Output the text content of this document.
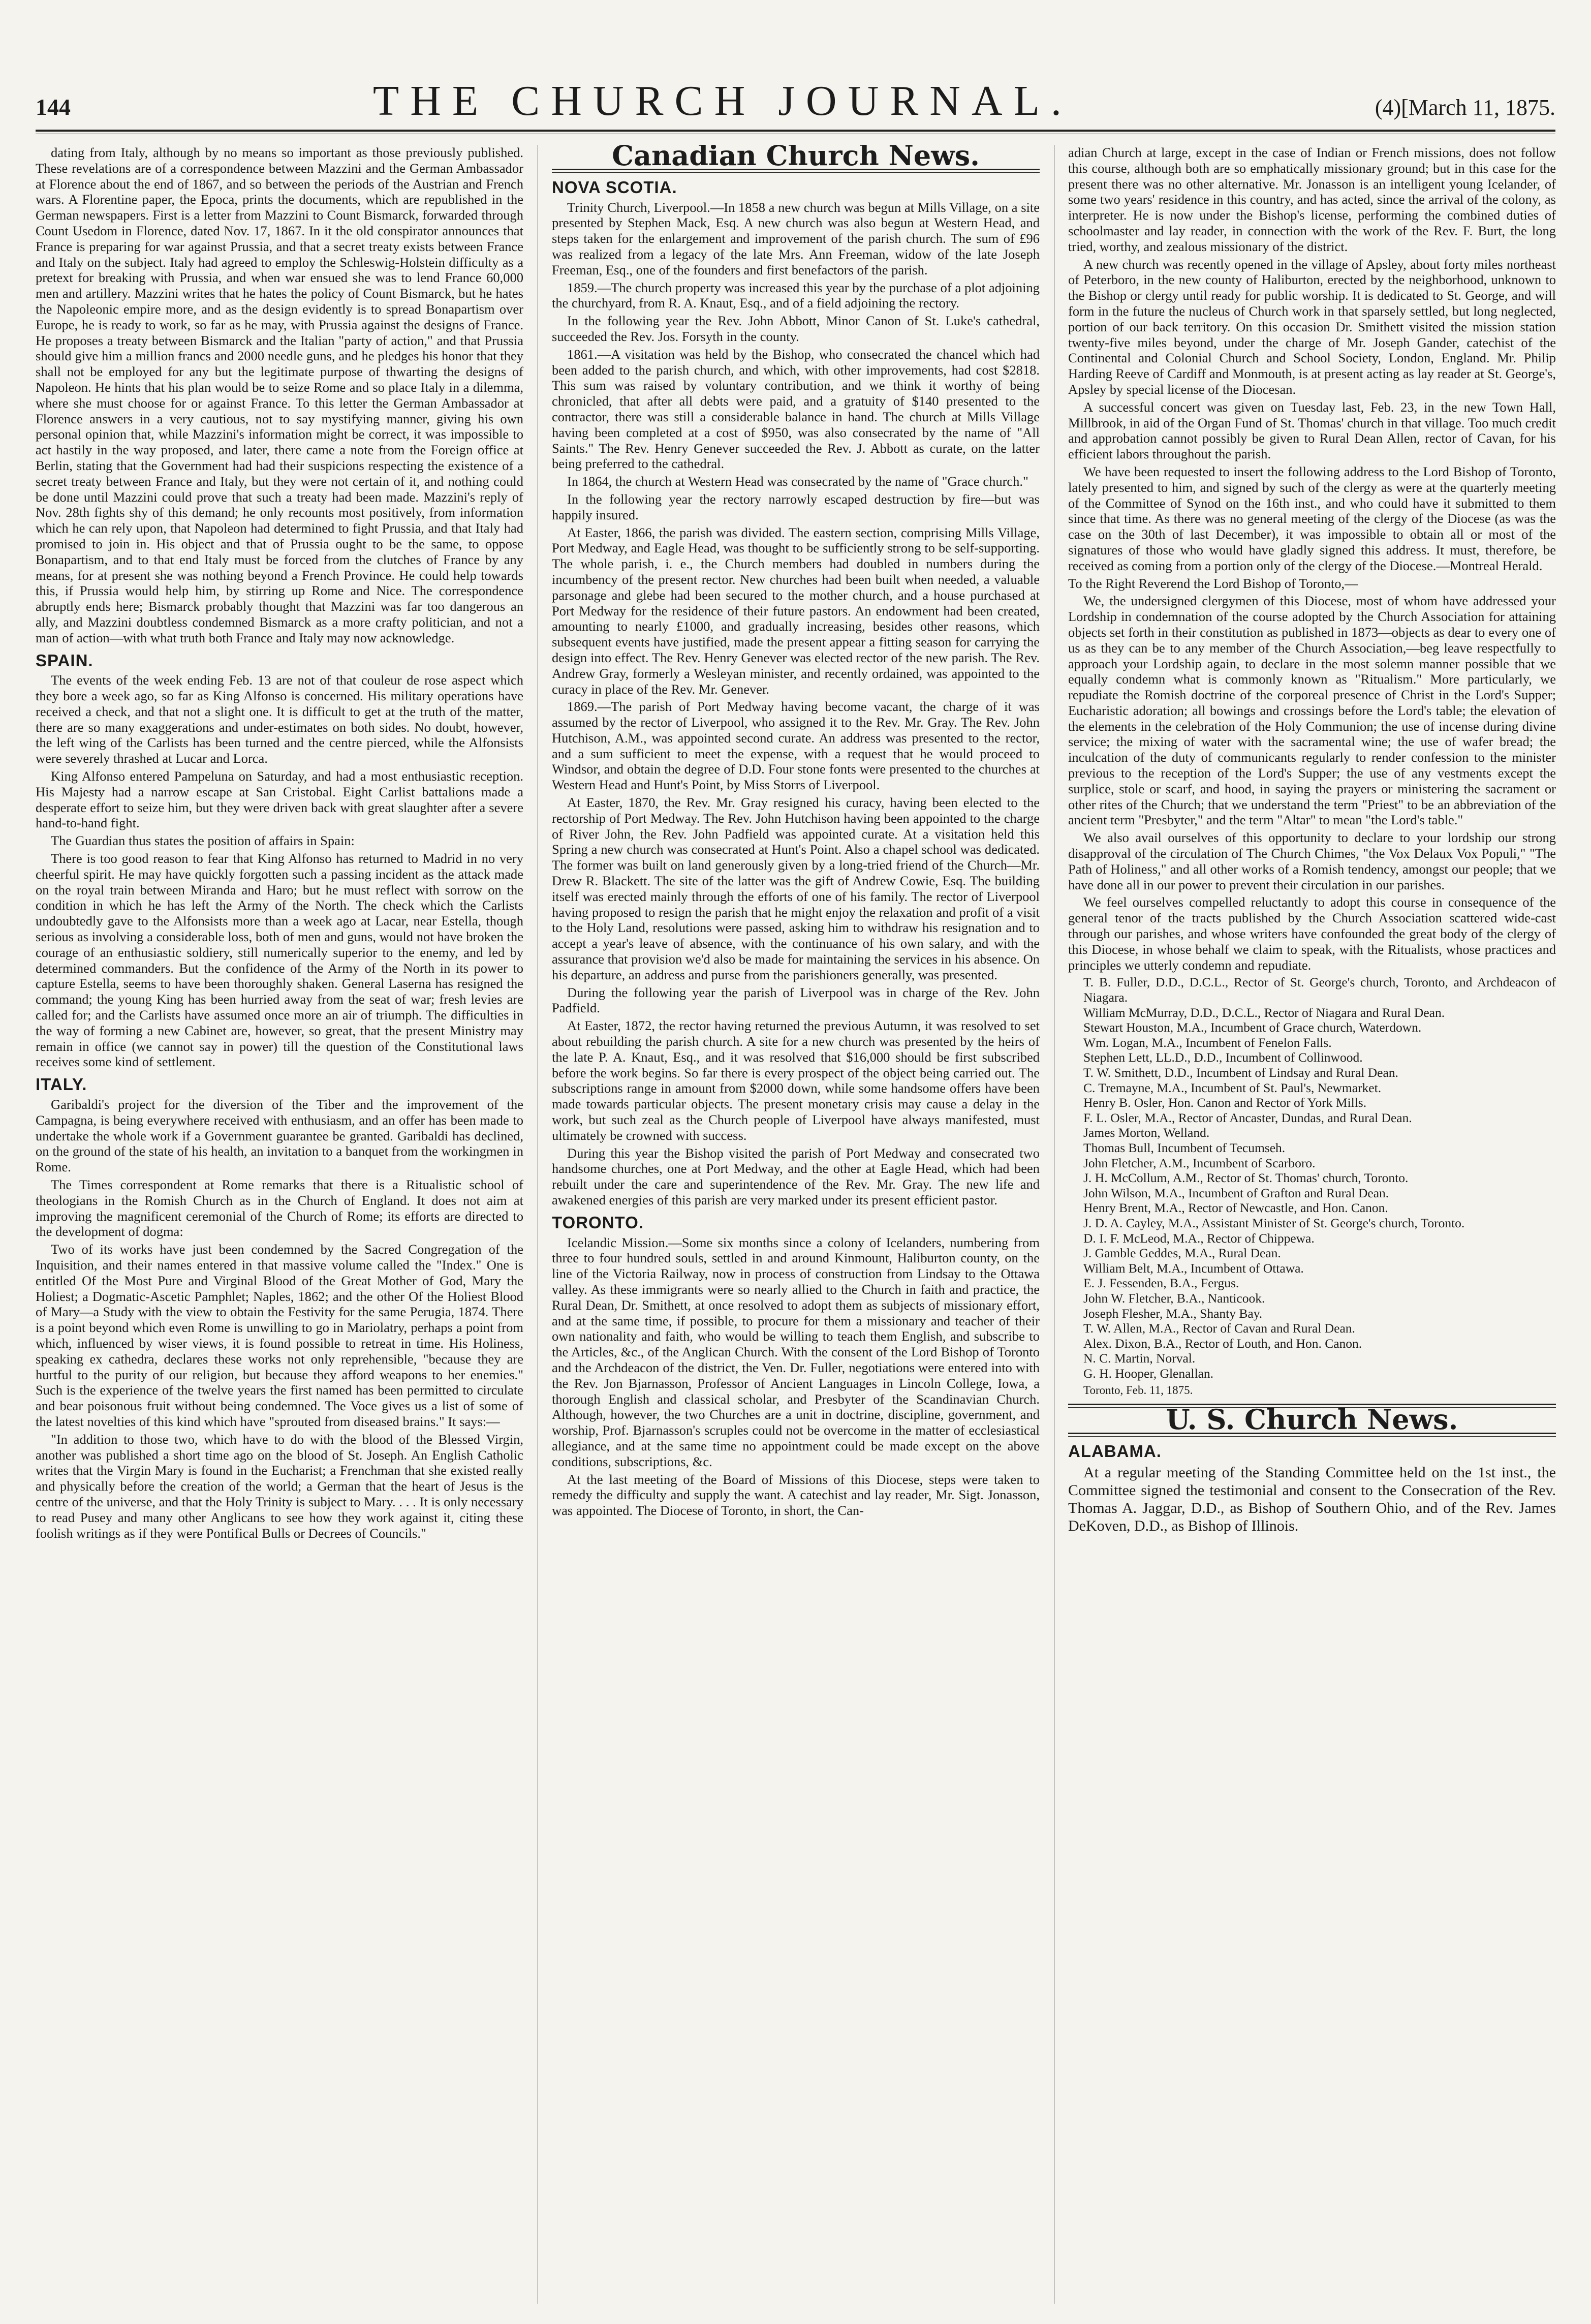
144	THE CHURCH JOURNAL.	(4)[March 11, 1875.

dating from Italy, although by no means so important as those previously published. These revelations are of a correspondence between Mazzini and the German Ambassador at Florence about the end of 1867, and so between the periods of the Austrian and French wars. A Florentine paper, the Epoca, prints the documents, which are republished in the German newspapers. First is a letter from Mazzini to Count Bismarck, forwarded through Count Usedom in Florence, dated Nov. 17, 1867. In it the old conspirator announces that France is preparing for war against Prussia, and that a secret treaty exists between France and Italy on the subject. Italy had agreed to employ the Schleswig-Holstein difficulty as a pretext for breaking with Prussia, and when war ensued she was to lend France 60,000 men and artillery. Mazzini writes that he hates the policy of Count Bismarck, but he hates the Napoleonic empire more, and as the design evidently is to spread Bonapartism over Europe, he is ready to work, so far as he may, with Prussia against the designs of France. He proposes a treaty between Bismarck and the Italian "party of action," and that Prussia should give him a million francs and 2000 needle guns, and he pledges his honor that they shall not be employed for any but the legitimate purpose of thwarting the designs of Napoleon. He hints that his plan would be to seize Rome and so place Italy in a dilemma, where she must choose for or against France. To this letter the German Ambassador at Florence answers in a very cautious, not to say mystifying manner, giving his own personal opinion that, while Mazzini's information might be correct, it was impossible to act hastily in the way proposed, and later, there came a note from the Foreign office at Berlin, stating that the Government had had their suspicions respecting the existence of a secret treaty between France and Italy, but they were not certain of it, and nothing could be done until Mazzini could prove that such a treaty had been made. Mazzini's reply of Nov. 28th fights shy of this demand; he only recounts most positively, from information which he can rely upon, that Napoleon had determined to fight Prussia, and that Italy had promised to join in. His object and that of Prussia ought to be the same, to oppose Bonapartism, and to that end Italy must be forced from the clutches of France by any means, for at present she was nothing beyond a French Province. He could help towards this, if Prussia would help him, by stirring up Rome and Nice. The correspondence abruptly ends here; Bismarck probably thought that Mazzini was far too dangerous an ally, and Mazzini doubtless condemned Bismarck as a more crafty politician, and not a man of action—with what truth both France and Italy may now acknowledge.

SPAIN.

The events of the week ending Feb. 13 are not of that couleur de rose aspect which they bore a week ago, so far as King Alfonso is concerned. His military operations have received a check, and that not a slight one. It is difficult to get at the truth of the matter, there are so many exaggerations and under-estimates on both sides. No doubt, however, the left wing of the Carlists has been turned and the centre pierced, while the Alfonsists were severely thrashed at Lucar and Lorca.

King Alfonso entered Pampeluna on Saturday, and had a most enthusiastic reception. His Majesty had a narrow escape at San Cristobal. Eight Carlist battalions made a desperate effort to seize him, but they were driven back with great slaughter after a severe hand-to-hand fight.

The Guardian thus states the position of affairs in Spain:

There is too good reason to fear that King Alfonso has returned to Madrid in no very cheerful spirit. He may have quickly forgotten such a passing incident as the attack made on the royal train between Miranda and Haro; but he must reflect with sorrow on the condition in which he has left the Army of the North. The check which the Carlists undoubtedly gave to the Alfonsists more than a week ago at Lacar, near Estella, though serious as involving a considerable loss, both of men and guns, would not have broken the courage of an enthusiastic soldiery, still numerically superior to the enemy, and led by determined commanders. But the confidence of the Army of the North in its power to capture Estella, seems to have been thoroughly shaken. General Laserna has resigned the command; the young King has been hurried away from the seat of war; fresh levies are called for; and the Carlists have assumed once more an air of triumph. The difficulties in the way of forming a new Cabinet are, however, so great, that the present Ministry may remain in office (we cannot say in power) till the question of the Constitutional laws receives some kind of settlement.

ITALY.

Garibaldi's project for the diversion of the Tiber and the improvement of the Campagna, is being everywhere received with enthusiasm, and an offer has been made to undertake the whole work if a Government guarantee be granted. Garibaldi has declined, on the ground of the state of his health, an invitation to a banquet from the workingmen in Rome.

The Times correspondent at Rome remarks that there is a Ritualistic school of theologians in the Romish Church as in the Church of England. It does not aim at improving the magnificent ceremonial of the Church of Rome; its efforts are directed to the development of dogma:

Two of its works have just been condemned by the Sacred Congregation of the Inquisition, and their names entered in that massive volume called the "Index." One is entitled Of the Most Pure and Virginal Blood of the Great Mother of God, Mary the Holiest; a Dogmatic-Ascetic Pamphlet; Naples, 1862; and the other Of the Holiest Blood of Mary—a Study with the view to obtain the Festivity for the same Perugia, 1874. There is a point beyond which even Rome is unwilling to go in Mariolatry, perhaps a point from which, influenced by wiser views, it is found possible to retreat in time. His Holiness, speaking ex cathedra, declares these works not only reprehensible, "because they are hurtful to the purity of our religion, but because they afford weapons to her enemies." Such is the experience of the twelve years the first named has been permitted to circulate and bear poisonous fruit without being condemned. The Voce gives us a list of some of the latest novelties of this kind which have "sprouted from diseased brains." It says:—

"In addition to those two, which have to do with the blood of the Blessed Virgin, another was published a short time ago on the blood of St. Joseph. An English Catholic writes that the Virgin Mary is found in the Eucharist; a Frenchman that she existed really and physically before the creation of the world; a German that the heart of Jesus is the centre of the universe, and that the Holy Trinity is subject to Mary. . . . It is only necessary to read Pusey and many other Anglicans to see how they work against it, citing these foolish writings as if they were Pontifical Bulls or Decrees of Councils."

Canadian Church News.
NOVA SCOTIA.

Trinity Church, Liverpool.—In 1858 a new church was begun at Mills Village, on a site presented by Stephen Mack, Esq. A new church was also begun at Western Head, and steps taken for the enlargement and improvement of the parish church. The sum of £96 was realized from a legacy of the late Mrs. Ann Freeman, widow of the late Joseph Freeman, Esq., one of the founders and first benefactors of the parish.

1859.—The church property was increased this year by the purchase of a plot adjoining the churchyard, from R. A. Knaut, Esq., and of a field adjoining the rectory.

In the following year the Rev. John Abbott, Minor Canon of St. Luke's cathedral, succeeded the Rev. Jos. Forsyth in the county.

1861.—A visitation was held by the Bishop, who consecrated the chancel which had been added to the parish church, and which, with other improvements, had cost $2818. This sum was raised by voluntary contribution, and we think it worthy of being chronicled, that after all debts were paid, and a gratuity of $140 presented to the contractor, there was still a considerable balance in hand. The church at Mills Village having been completed at a cost of $950, was also consecrated by the name of "All Saints." The Rev. Henry Genever succeeded the Rev. J. Abbott as curate, on the latter being preferred to the cathedral.

In 1864, the church at Western Head was consecrated by the name of "Grace church."

In the following year the rectory narrowly escaped destruction by fire—but was happily insured.

At Easter, 1866, the parish was divided. The eastern section, comprising Mills Village, Port Medway, and Eagle Head, was thought to be sufficiently strong to be self-supporting. The whole parish, i. e., the Church members had doubled in numbers during the incumbency of the present rector. New churches had been built when needed, a valuable parsonage and glebe had been secured to the mother church, and a house purchased at Port Medway for the residence of their future pastors. An endowment had been created, amounting to nearly £1000, and gradually increasing, besides other reasons, which subsequent events have justified, made the present appear a fitting season for carrying the design into effect. The Rev. Henry Genever was elected rector of the new parish. The Rev. Andrew Gray, formerly a Wesleyan minister, and recently ordained, was appointed to the curacy in place of the Rev. Mr. Genever.

1869.—The parish of Port Medway having become vacant, the charge of it was assumed by the rector of Liverpool, who assigned it to the Rev. Mr. Gray. The Rev. John Hutchison, A.M., was appointed second curate. An address was presented to the rector, and a sum sufficient to meet the expense, with a request that he would proceed to Windsor, and obtain the degree of D.D. Four stone fonts were presented to the churches at Western Head and Hunt's Point, by Miss Storrs of Liverpool.

At Easter, 1870, the Rev. Mr. Gray resigned his curacy, having been elected to the rectorship of Port Medway. The Rev. John Hutchison having been appointed to the charge of River John, the Rev. John Padfield was appointed curate. At a visitation held this Spring a new church was consecrated at Hunt's Point. Also a chapel school was dedicated. The former was built on land generously given by a long-tried friend of the Church—Mr. Drew R. Blackett. The site of the latter was the gift of Andrew Cowie, Esq. The building itself was erected mainly through the efforts of one of his family. The rector of Liverpool having proposed to resign the parish that he might enjoy the relaxation and profit of a visit to the Holy Land, resolutions were passed, asking him to withdraw his resignation and to accept a year's leave of absence, with the continuance of his own salary, and with the assurance that provision we'd also be made for maintaining the services in his absence. On his departure, an address and purse from the parishioners generally, was presented.

During the following year the parish of Liverpool was in charge of the Rev. John Padfield.

At Easter, 1872, the rector having returned the previous Autumn, it was resolved to set about rebuilding the parish church. A site for a new church was presented by the heirs of the late P. A. Knaut, Esq., and it was resolved that $16,000 should be first subscribed before the work begins. So far there is every prospect of the object being carried out. The subscriptions range in amount from $2000 down, while some handsome offers have been made towards particular objects. The present monetary crisis may cause a delay in the work, but such zeal as the Church people of Liverpool have always manifested, must ultimately be crowned with success.

During this year the Bishop visited the parish of Port Medway and consecrated two handsome churches, one at Port Medway, and the other at Eagle Head, which had been rebuilt under the care and superintendence of the Rev. Mr. Gray. The new life and awakened energies of this parish are very marked under its present efficient pastor.

TORONTO.

Icelandic Mission.—Some six months since a colony of Icelanders, numbering from three to four hundred souls, settled in and around Kinmount, Haliburton county, on the line of the Victoria Railway, now in process of construction from Lindsay to the Ottawa valley. As these immigrants were so nearly allied to the Church in faith and practice, the Rural Dean, Dr. Smithett, at once resolved to adopt them as subjects of missionary effort, and at the same time, if possible, to procure for them a missionary and teacher of their own nationality and faith, who would be willing to teach them English, and subscribe to the Articles, &c., of the Anglican Church. With the consent of the Lord Bishop of Toronto and the Archdeacon of the district, the Ven. Dr. Fuller, negotiations were entered into with the Rev. Jon Bjarnasson, Professor of Ancient Languages in Lincoln College, Iowa, a thorough English and classical scholar, and Presbyter of the Scandinavian Church. Although, however, the two Churches are a unit in doctrine, discipline, government, and worship, Prof. Bjarnasson's scruples could not be overcome in the matter of ecclesiastical allegiance, and at the same time no appointment could be made except on the above conditions, subscriptions, &c.

At the last meeting of the Board of Missions of this Diocese, steps were taken to remedy the difficulty and supply the want. A catechist and lay reader, Mr. Sigt. Jonasson, was appointed. The Diocese of Toronto, in short, the Can-

adian Church at large, except in the case of Indian or French missions, does not follow this course, although both are so emphatically missionary ground; but in this case for the present there was no other alternative. Mr. Jonasson is an intelligent young Icelander, of some two years' residence in this country, and has acted, since the arrival of the colony, as interpreter. He is now under the Bishop's license, performing the combined duties of schoolmaster and lay reader, in connection with the work of the Rev. F. Burt, the long tried, worthy, and zealous missionary of the district.

A new church was recently opened in the village of Apsley, about forty miles northeast of Peterboro, in the new county of Haliburton, erected by the neighborhood, unknown to the Bishop or clergy until ready for public worship. It is dedicated to St. George, and will form in the future the nucleus of Church work in that sparsely settled, but long neglected, portion of our back territory. On this occasion Dr. Smithett visited the mission station twenty-five miles beyond, under the charge of Mr. Joseph Gander, catechist of the Continental and Colonial Church and School Society, London, England. Mr. Philip Harding Reeve of Cardiff and Monmouth, is at present acting as lay reader at St. George's, Apsley by special license of the Diocesan.

A successful concert was given on Tuesday last, Feb. 23, in the new Town Hall, Millbrook, in aid of the Organ Fund of St. Thomas' church in that village. Too much credit and approbation cannot possibly be given to Rural Dean Allen, rector of Cavan, for his efficient labors throughout the parish.

We have been requested to insert the following address to the Lord Bishop of Toronto, lately presented to him, and signed by such of the clergy as were at the quarterly meeting of the Committee of Synod on the 16th inst., and who could have it submitted to them since that time. As there was no general meeting of the clergy of the Diocese (as was the case on the 30th of last December), it was impossible to obtain all or most of the signatures of those who would have gladly signed this address. It must, therefore, be received as coming from a portion only of the clergy of the Diocese.—Montreal Herald.

To the Right Reverend the Lord Bishop of Toronto,—

We, the undersigned clergymen of this Diocese, most of whom have addressed your Lordship in condemnation of the course adopted by the Church Association for attaining objects set forth in their constitution as published in 1873—objects as dear to every one of us as they can be to any member of the Church Association,—beg leave respectfully to approach your Lordship again, to declare in the most solemn manner possible that we equally condemn what is commonly known as "Ritualism." More particularly, we repudiate the Romish doctrine of the corporeal presence of Christ in the Lord's Supper; Eucharistic adoration; all bowings and crossings before the Lord's table; the elevation of the elements in the celebration of the Holy Communion; the use of incense during divine service; the mixing of water with the sacramental wine; the use of wafer bread; the inculcation of the duty of communicants regularly to render confession to the minister previous to the reception of the Lord's Supper; the use of any vestments except the surplice, stole or scarf, and hood, in saying the prayers or ministering the sacrament or other rites of the Church; that we understand the term "Priest" to be an abbreviation of the ancient term "Presbyter," and the term "Altar" to mean "the Lord's table."

We also avail ourselves of this opportunity to declare to your lordship our strong disapproval of the circulation of The Church Chimes, "the Vox Delaux Vox Populi," "The Path of Holiness," and all other works of a Romish tendency, amongst our people; that we have done all in our power to prevent their circulation in our parishes.

We feel ourselves compelled reluctantly to adopt this course in consequence of the general tenor of the tracts published by the Church Association scattered wide-cast through our parishes, and whose writers have confounded the great body of the clergy of this Diocese, in whose behalf we claim to speak, with the Ritualists, whose practices and principles we utterly condemn and repudiate.

T. B. Fuller, D.D., D.C.L., Rector of St. George's church, Toronto, and Archdeacon of Niagara.

William McMurray, D.D., D.C.L., Rector of Niagara and Rural Dean.

Stewart Houston, M.A., Incumbent of Grace church, Waterdown.

Wm. Logan, M.A., Incumbent of Fenelon Falls.

Stephen Lett, LL.D., D.D., Incumbent of Collinwood.

T. W. Smithett, D.D., Incumbent of Lindsay and Rural Dean.

C. Tremayne, M.A., Incumbent of St. Paul's, Newmarket.

Henry B. Osler, Hon. Canon and Rector of York Mills.

F. L. Osler, M.A., Rector of Ancaster, Dundas, and Rural Dean.

James Morton, Welland.

Thomas Bull, Incumbent of Tecumseh.

John Fletcher, A.M., Incumbent of Scarboro.

J. H. McCollum, A.M., Rector of St. Thomas' church, Toronto.

John Wilson, M.A., Incumbent of Grafton and Rural Dean.

Henry Brent, M.A., Rector of Newcastle, and Hon. Canon.

J. D. A. Cayley, M.A., Assistant Minister of St. George's church, Toronto.

D. I. F. McLeod, M.A., Rector of Chippewa.

J. Gamble Geddes, M.A., Rural Dean.

William Belt, M.A., Incumbent of Ottawa.

E. J. Fessenden, B.A., Fergus.

John W. Fletcher, B.A., Nanticook.

Joseph Flesher, M.A., Shanty Bay.

T. W. Allen, M.A., Rector of Cavan and Rural Dean.

Alex. Dixon, B.A., Rector of Louth, and Hon. Canon.

N. C. Martin, Norval.

G. H. Hooper, Glenallan.

Toronto, Feb. 11, 1875.

U. S. Church News.
ALABAMA.

At a regular meeting of the Standing Committee held on the 1st inst., the Committee signed the testimonial and consent to the Consecration of the Rev. Thomas A. Jaggar, D.D., as Bishop of Southern Ohio, and of the Rev. James DeKoven, D.D., as Bishop of Illinois.
